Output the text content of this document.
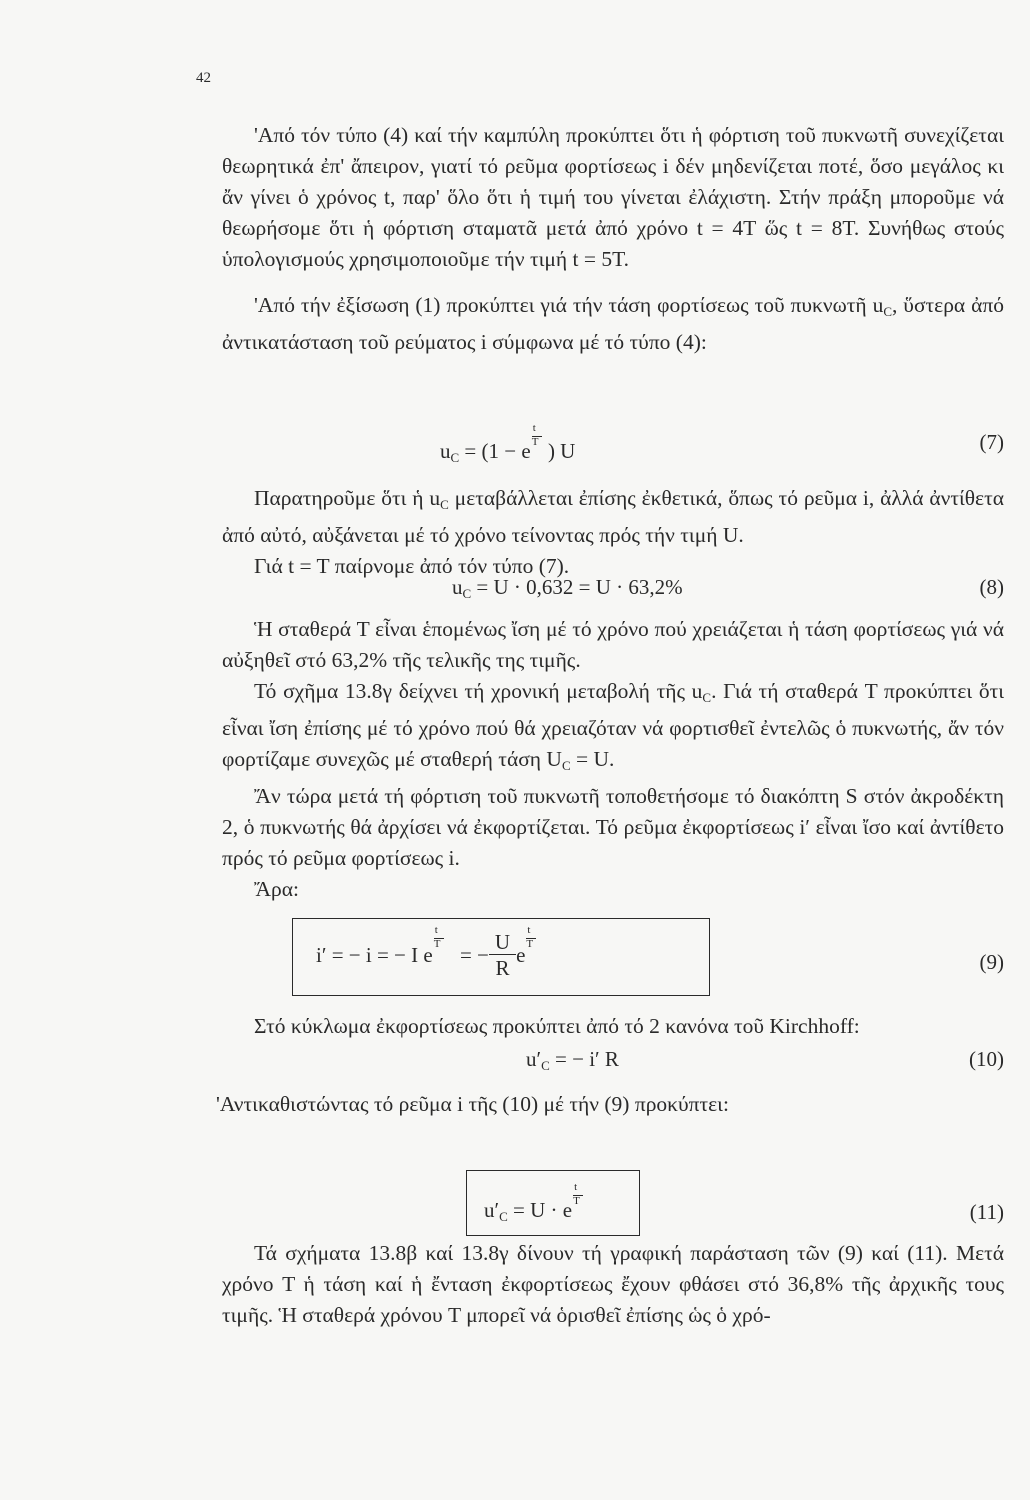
42

'Από τόν τύπο (4) καί τήν καμπύλη προκύπτει ὅτι ἡ φόρτιση τοῦ πυκνωτῆ συνεχίζεται θεωρητικά ἐπ' ἄπειρον, γιατί τό ρεῦμα φορτίσεως i δέν μηδενίζεται ποτέ, ὅσο μεγάλος κι ἄν γίνει ὁ χρόνος t, παρ' ὅλο ὅτι ἡ τιμή του γίνεται ἐλάχιστη. Στήν πράξη μποροῦμε νά θεωρήσομε ὅτι ἡ φόρτιση σταματᾶ μετά ἀπό χρόνο t = 4T ὥς t = 8T. Συνήθως στούς ὑπολογισμούς χρησιμοποιοῦμε τήν τιμή t = 5T.

'Από τήν ἐξίσωση (1) προκύπτει γιά τήν τάση φορτίσεως τοῦ πυκνωτῆ $u_C$, ὕστερα ἀπό ἀντικατάσταση τοῦ ρεύματος i σύμφωνα μέ τό τύπο (4):

$u_C = (1 - e \frac{t}{T}$ ) U	(7)

Παρατηροῦμε ὅτι ἡ $u_C$ μεταβάλλεται ἐπίσης ἐκθετικά, ὅπως τό ρεῦμα i, ἀλλά ἀντίθετα ἀπό αὐτό, αὐξάνεται μέ τό χρόνο τείνοντας πρός τήν τιμή U.

Γιά t = T παίρνομε ἀπό τόν τύπο (7).

$u_C = U \cdot 0,632 = U \cdot 63,2\%$	(8)

Ἡ σταθερά T εἶναι ἑπομένως ἴση μέ τό χρόνο πού χρειάζεται ἡ τάση φορτίσεως γιά νά αὐξηθεῖ στό 63,2% τῆς τελικῆς της τιμῆς.

Τό σχῆμα 13.8γ δείχνει τή χρονική μεταβολή τῆς $u_C$. Γιά τή σταθερά T προκύπτει ὅτι εἶναι ἴση ἐπίσης μέ τό χρόνο πού θά χρειαζόταν νά φορτισθεῖ ἐντελῶς ὁ πυκνωτής, ἄν τόν φορτίζαμε συνεχῶς μέ σταθερή τάση $U_C = U$.

Ἄν τώρα μετά τή φόρτιση τοῦ πυκνωτῆ τοποθετήσομε τό διακόπτη S στόν ἀκροδέκτη 2, ὁ πυκνωτής θά ἀρχίσει νά ἐκφορτίζεται. Τό ρεῦμα ἐκφορτίσεως i′ εἶναι ἴσο καί ἀντίθετο πρός τό ρεῦμα φορτίσεως i.

Ἄρα:

i′ = − i = − I e
$\frac{t}{T}$
= − $\frac{U}{R}$ e
$\frac{t}{T}$
(9)

Στό κύκλωμα ἐκφορτίσεως προκύπτει ἀπό τό 2 κανόνα τοῦ Kirchhoff:

$u'_C$ = − i′ R	(10)

'Αντικαθιστώντας τό ρεῦμα i τῆς (10) μέ τήν (9) προκύπτει:

$u'_C = U \cdot e \frac{t}{T}$
(11)

Τά σχήματα 13.8β καί 13.8γ δίνουν τή γραφική παράσταση τῶν (9) καί (11). Μετά χρόνο T ἡ τάση καί ἡ ἔνταση ἐκφορτίσεως ἔχουν φθάσει στό 36,8% τῆς ἀρχικῆς τους τιμῆς. Ἡ σταθερά χρόνου T μπορεῖ νά ὁρισθεῖ ἐπίσης ὡς ὁ χρό-
